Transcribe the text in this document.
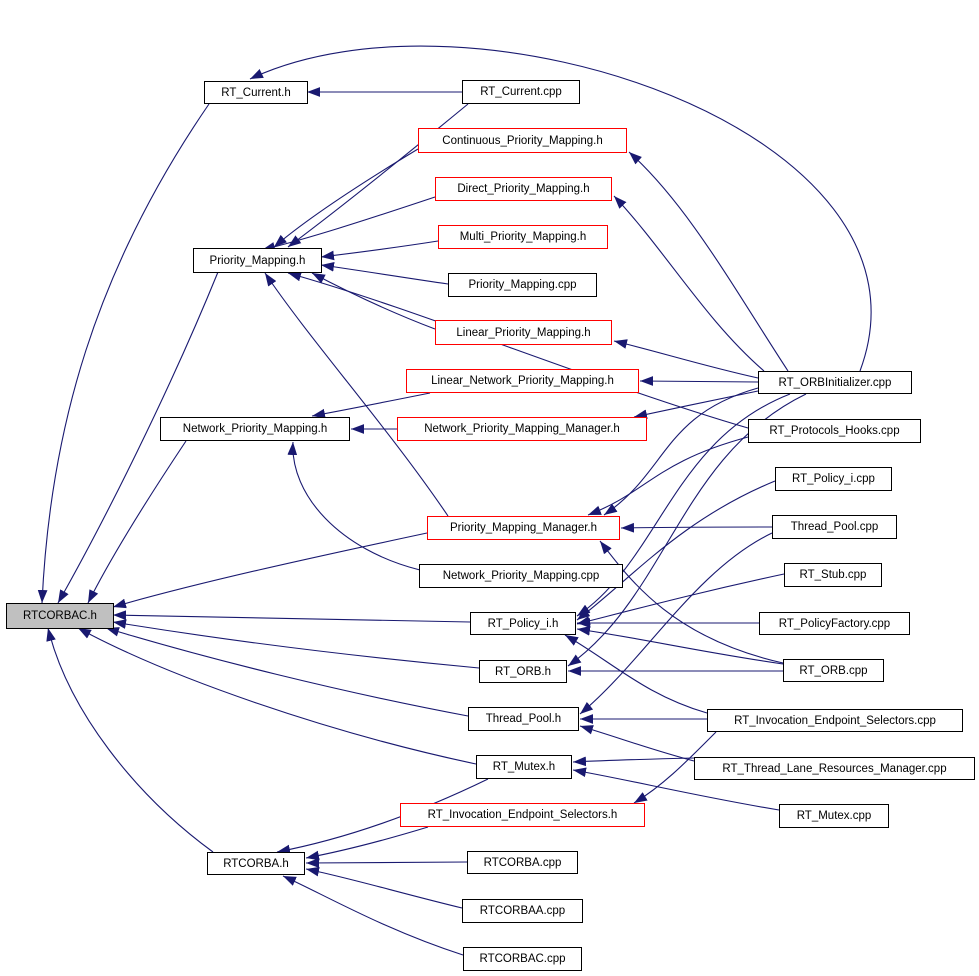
RTCORBAC.h
RT_Current.h
Priority_Mapping.h
Network_Priority_Mapping.h
RTCORBA.h
RT_Current.cpp
Continuous_Priority_Mapping.h
Direct_Priority_Mapping.h
Multi_Priority_Mapping.h
Priority_Mapping.cpp
Linear_Priority_Mapping.h
Linear_Network_Priority_Mapping.h
Network_Priority_Mapping_Manager.h
Priority_Mapping_Manager.h
Network_Priority_Mapping.cpp
RT_Policy_i.h
RT_ORB.h
Thread_Pool.h
RT_Mutex.h
RT_Invocation_Endpoint_Selectors.h
RTCORBA.cpp
RTCORBAA.cpp
RTCORBAC.cpp
RT_ORBInitializer.cpp
RT_Protocols_Hooks.cpp
RT_Policy_i.cpp
Thread_Pool.cpp
RT_Stub.cpp
RT_PolicyFactory.cpp
RT_ORB.cpp
RT_Invocation_Endpoint_Selectors.cpp
RT_Thread_Lane_Resources_Manager.cpp
RT_Mutex.cpp
